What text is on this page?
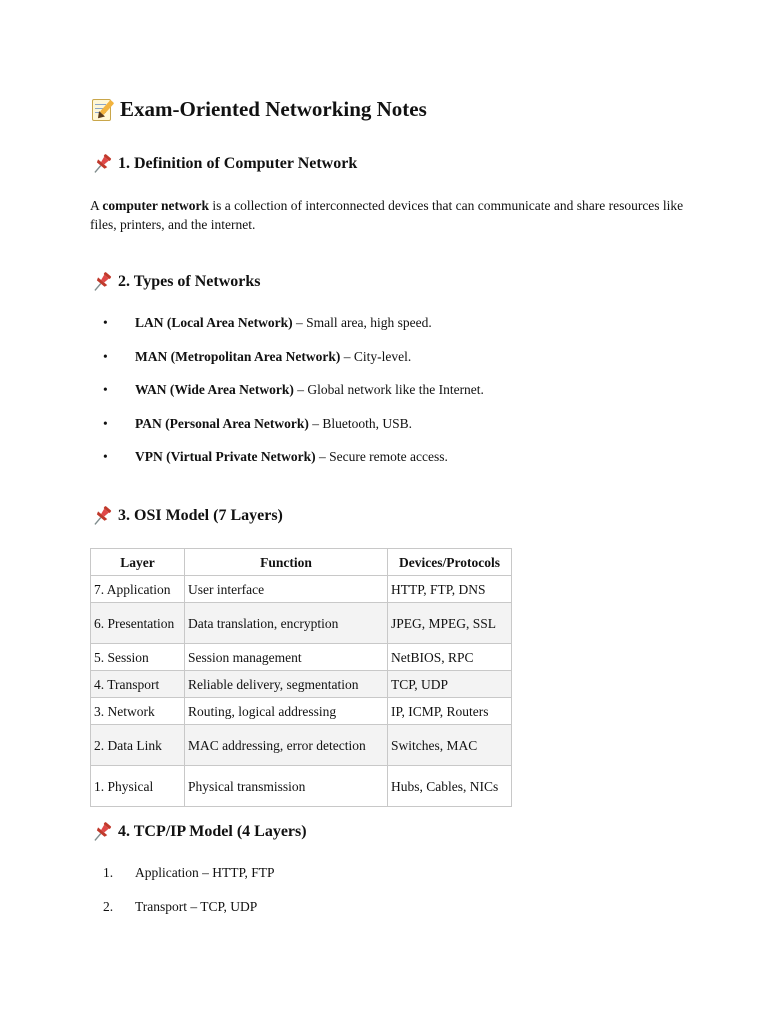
Exam-Oriented Networking Notes
1. Definition of Computer Network

A computer network is a collection of interconnected devices that can communicate and share resources like files, printers, and the internet.

2. Types of Networks
• LAN (Local Area Network) – Small area, high speed.
• MAN (Metropolitan Area Network) – City-level.
• WAN (Wide Area Network) – Global network like the Internet.
• PAN (Personal Area Network) – Bluetooth, USB.
• VPN (Virtual Private Network) – Secure remote access.
3. OSI Model (7 Layers)
Layer	Function	Devices/Protocols
7. Application	User interface	HTTP, FTP, DNS
6. Presentation	Data translation, encryption	JPEG, MPEG, SSL
5. Session	Session management	NetBIOS, RPC
4. Transport	Reliable delivery, segmentation	TCP, UDP
3. Network	Routing, logical addressing	IP, ICMP, Routers
2. Data Link	MAC addressing, error detection	Switches, MAC
1. Physical	Physical transmission	Hubs, Cables, NICs
4. TCP/IP Model (4 Layers)
1. Application – HTTP, FTP
2. Transport – TCP, UDP
